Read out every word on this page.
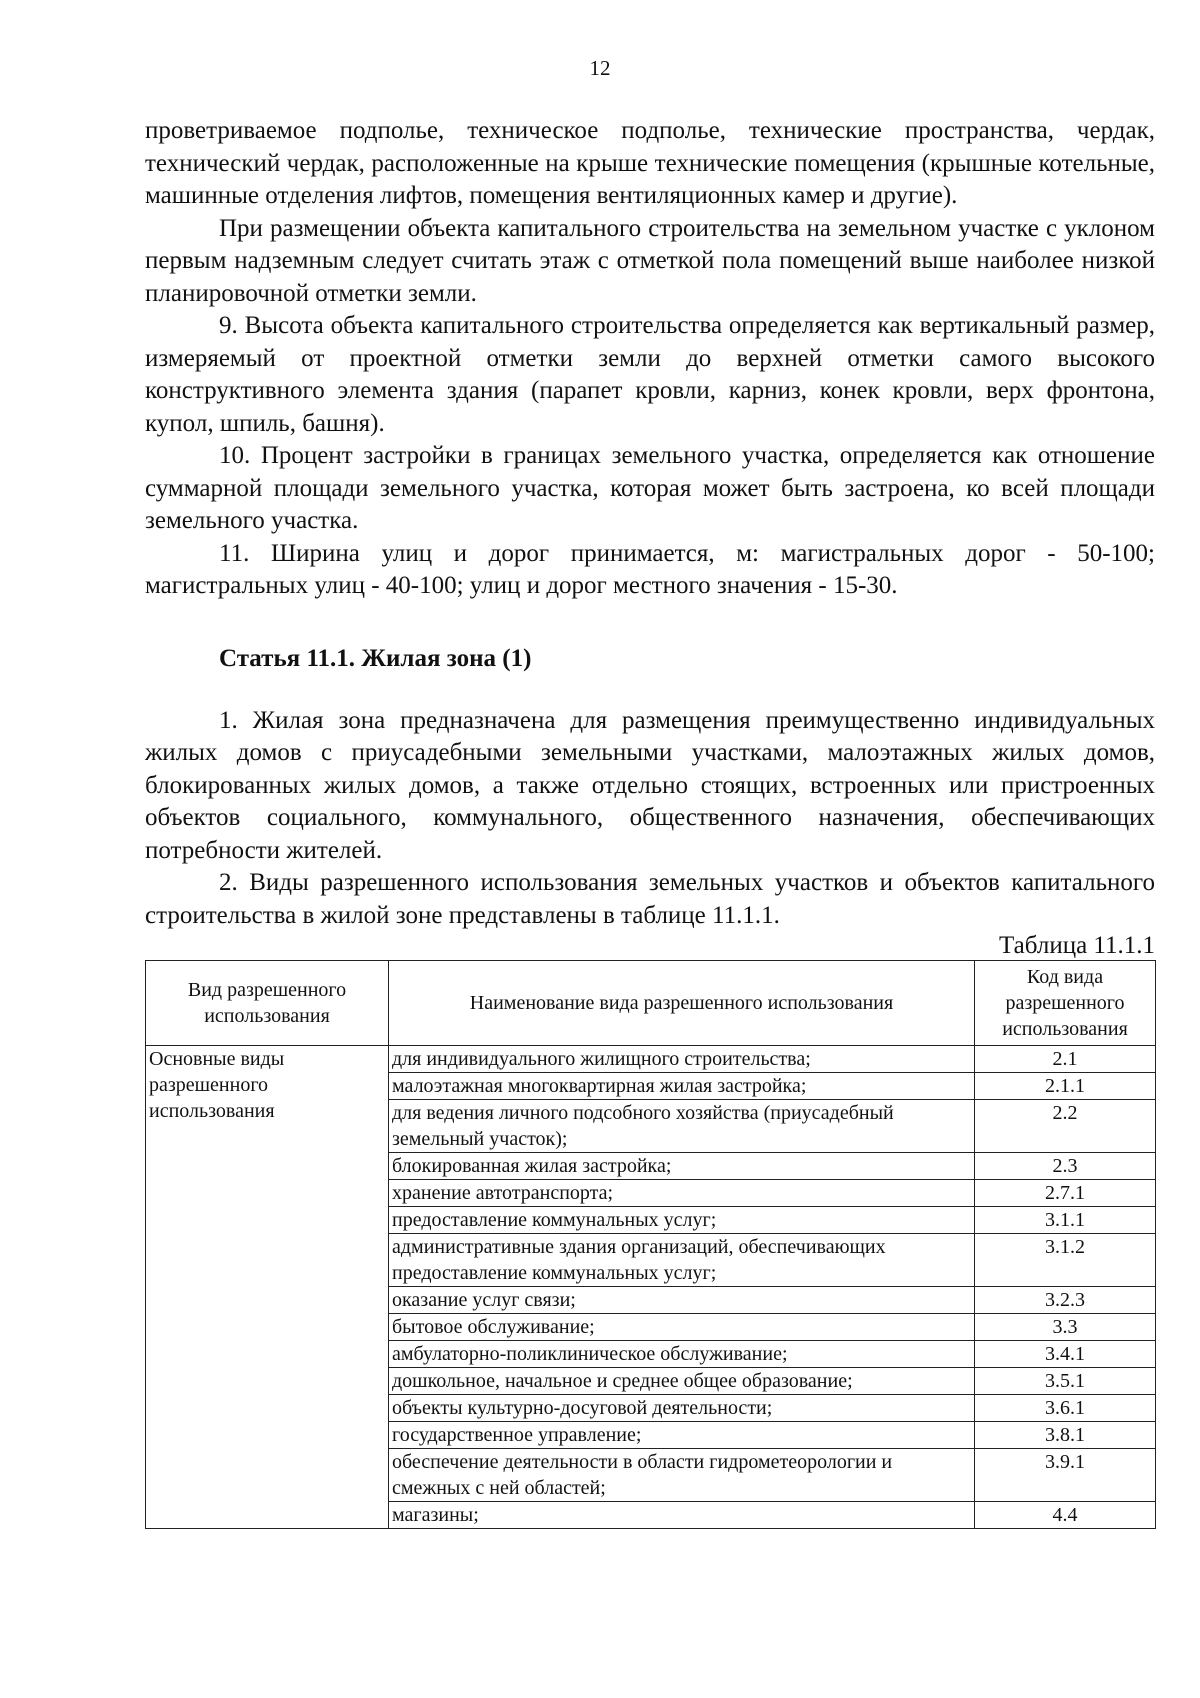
12

проветриваемое подполье, техническое подполье, технические пространства, чердак, технический чердак, расположенные на крыше технические помещения (крышные котельные, машинные отделения лифтов, помещения вентиляционных камер и другие).

При размещении объекта капитального строительства на земельном участке с уклоном первым надземным следует считать этаж с отметкой пола помещений выше наиболее низкой планировочной отметки земли.

9. Высота объекта капитального строительства определяется как вертикальный размер, измеряемый от проектной отметки земли до верхней отметки самого высокого конструктивного элемента здания (парапет кровли, карниз, конек кровли, верх фронтона, купол, шпиль, башня).

10. Процент застройки в границах земельного участка, определяется как отношение суммарной площади земельного участка, которая может быть застроена, ко всей площади земельного участка.

11. Ширина улиц и дорог принимается, м: магистральных дорог - 50-100; магистральных улиц - 40-100; улиц и дорог местного значения - 15-30.

Статья 11.1. Жилая зона (1)

1. Жилая зона предназначена для размещения преимущественно индивидуальных жилых домов с приусадебными земельными участками, малоэтажных жилых домов, блокированных жилых домов, а также отдельно стоящих, встроенных или пристроенных объектов социального, коммунального, общественного назначения, обеспечивающих потребности жителей.

2. Виды разрешенного использования земельных участков и объектов капитального строительства в жилой зоне представлены в таблице 11.1.1.

Таблица 11.1.1
Вид разрешенного использования	Наименование вида разрешенного использования	Код вида разрешенного использования
Основные виды разрешенного использования	для индивидуального жилищного строительства;	2.1
	малоэтажная многоквартирная жилая застройка;	2.1.1
	для ведения личного подсобного хозяйства (приусадебный земельный участок);	2.2
	блокированная жилая застройка;	2.3
	хранение автотранспорта;	2.7.1
	предоставление коммунальных услуг;	3.1.1
	административные здания организаций, обеспечивающих предоставление коммунальных услуг;	3.1.2
	оказание услуг связи;	3.2.3
	бытовое обслуживание;	3.3
	амбулаторно-поликлиническое обслуживание;	3.4.1
	дошкольное, начальное и среднее общее образование;	3.5.1
	объекты культурно-досуговой деятельности;	3.6.1
	государственное управление;	3.8.1
	обеспечение деятельности в области гидрометеорологии и смежных с ней областей;	3.9.1
	магазины;	4.4
